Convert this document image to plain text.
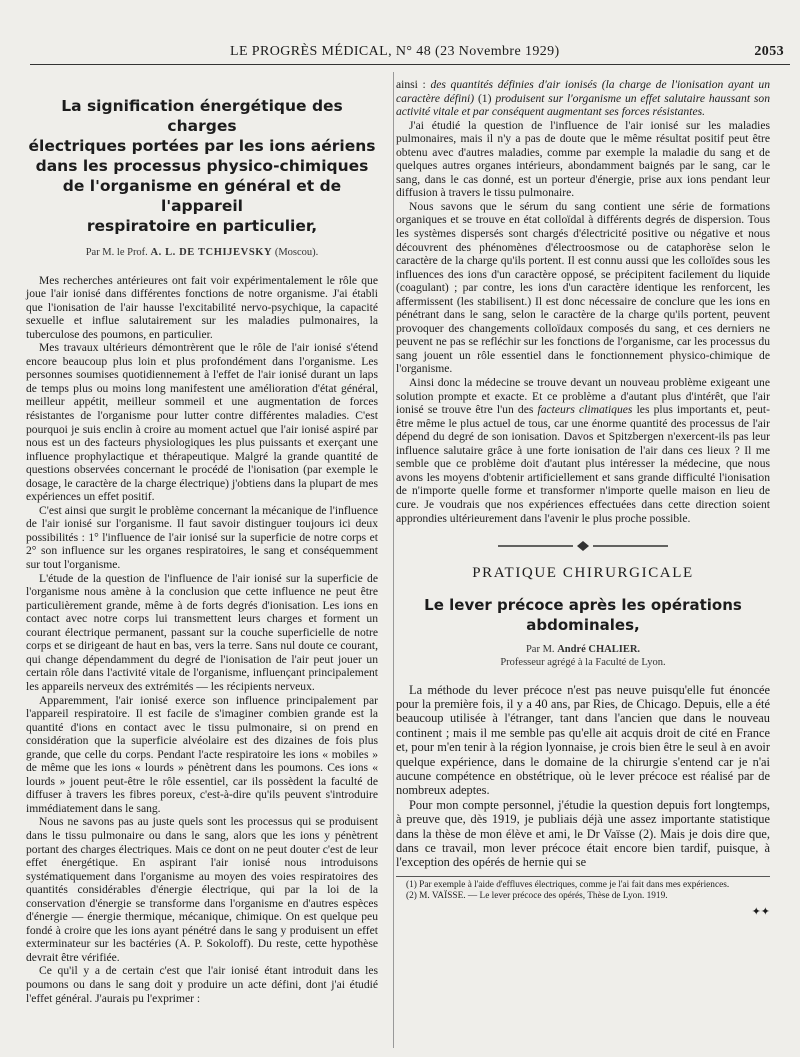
LE PROGRÈS MÉDICAL, N° 48 (23 Novembre 1929)	2053
La signification énergétique des charges
électriques portées par les ions aériens
dans les processus physico-chimiques
de l'organisme en général et de l'appareil
respiratoire en particulier,
Par M. le Prof. A. L. DE TCHIJEVSKY (Moscou).

Mes recherches antérieures ont fait voir expérimentalement le rôle que joue l'air ionisé dans différentes fonctions de notre organisme. J'ai établi que l'ionisation de l'air hausse l'excitabilité nervo-psychique, la capacité sexuelle et influe salutairement sur les maladies pulmonaires, la tuberculose des poumons, en particulier.

Mes travaux ultérieurs démontrèrent que le rôle de l'air ionisé s'étend encore beaucoup plus loin et plus profondément dans l'organisme. Les personnes soumises quotidiennement à l'effet de l'air ionisé durant un laps de temps plus ou moins long manifestent une amélioration d'état général, meilleur appétit, meilleur sommeil et une augmentation de forces résistantes de l'organisme pour lutter contre différentes maladies. C'est pourquoi je suis enclin à croire au moment actuel que l'air ionisé aspiré par nous est un des facteurs physiologiques les plus puissants et exerçant une influence prophylactique et thérapeutique. Malgré la grande quantité de questions observées concernant le procédé de l'ionisation (par exemple le dosage, le caractère de la charge électrique) j'obtiens dans la plupart de mes expériences un effet positif.

C'est ainsi que surgit le problème concernant la mécanique de l'influence de l'air ionisé sur l'organisme. Il faut savoir distinguer toujours ici deux possibilités : 1° l'influence de l'air ionisé sur la superficie de notre corps et 2° son influence sur les organes respiratoires, le sang et conséquemment sur tout l'organisme.

L'étude de la question de l'influence de l'air ionisé sur la superficie de l'organisme nous amène à la conclusion que cette influence ne peut être particulièrement grande, même à de forts degrés d'ionisation. Les ions en contact avec notre corps lui transmettent leurs charges et forment un courant électrique permanent, passant sur la couche superficielle de notre corps et se dirigeant de haut en bas, vers la terre. Sans nul doute ce courant, qui change dépendamment du degré de l'ionisation de l'air peut jouer un certain rôle dans l'activité vitale de l'organisme, influençant principalement les appareils nerveux des extrémités — les récipients nerveux.

Apparemment, l'air ionisé exerce son influence principalement par l'appareil respiratoire. Il est facile de s'imaginer combien grande est la quantité d'ions en contact avec le tissu pulmonaire, si on prend en considération que la superficie alvéolaire est des dizaines de fois plus grande, que celle du corps. Pendant l'acte respiratoire les ions « mobiles » de même que les ions « lourds » pénètrent dans les poumons. Ces ions « lourds » jouent peut-être le rôle essentiel, car ils possèdent la faculté de diffuser à travers les fibres poreux, c'est-à-dire qu'ils peuvent s'introduire immédiatement dans le sang.

Nous ne savons pas au juste quels sont les processus qui se produisent dans le tissu pulmonaire ou dans le sang, alors que les ions y pénètrent portant des charges électriques. Mais ce dont on ne peut douter c'est de leur effet énergétique. En aspirant l'air ionisé nous introduisons systématiquement dans l'organisme au moyen des voies respiratoires des quantités considérables d'énergie électrique, qui par la loi de la conservation d'énergie se transforme dans l'organisme en d'autres espèces d'énergie — énergie thermique, mécanique, chimique. On est quelque peu fondé à croire que les ions ayant pénétré dans le sang y produisent un effet exterminateur sur les bactéries (A. P. Sokoloff). Du reste, cette hypothèse devrait être vérifiée.

Ce qu'il y a de certain c'est que l'air ionisé étant introduit dans les poumons ou dans le sang doit y produire un acte défini, dont j'ai étudié l'effet général. J'aurais pu l'exprimer :

ainsi : des quantités définies d'air ionisés (la charge de l'ionisation ayant un caractère défini) (1) produisent sur l'organisme un effet salutaire haussant son activité vitale et par conséquent augmentant ses forces résistantes.

J'ai étudié la question de l'influence de l'air ionisé sur les maladies pulmonaires, mais il n'y a pas de doute que le même résultat positif peut être obtenu avec d'autres maladies, comme par exemple la maladie du sang et de quelques autres organes intérieurs, abondamment baignés par le sang, car le sang, dans le cas donné, est un porteur d'énergie, prise aux ions pendant leur diffusion à travers le tissu pulmonaire.

Nous savons que le sérum du sang contient une série de formations organiques et se trouve en état colloïdal à différents degrés de dispersion. Tous les systèmes dispersés sont chargés d'électricité positive ou négative et nous découvrent des phénomènes d'électroosmose ou de cataphorèse selon le caractère de la charge qu'ils portent. Il est connu aussi que les colloïdes sous les influences des ions d'un caractère opposé, se précipitent facilement du liquide (coagulant) ; par contre, les ions d'un caractère identique les renforcent, les affermissent (les stabilisent.) Il est donc nécessaire de conclure que les ions en pénétrant dans le sang, selon le caractère de la charge qu'ils portent, peuvent provoquer des changements colloïdaux composés du sang, et ces derniers ne peuvent ne pas se refléchir sur les fonctions de l'organisme, car les processus du sang jouent un rôle essentiel dans le fonctionnement physico-chimique de l'organisme.

Ainsi donc la médecine se trouve devant un nouveau problème exigeant une solution prompte et exacte. Et ce problème a d'autant plus d'intérêt, que l'air ionisé se trouve être l'un des facteurs climatiques les plus importants et, peut-être même le plus actuel de tous, car une énorme quantité des processus de l'air dépend du degré de son ionisation. Davos et Spitzbergen n'exercent-ils pas leur influence salutaire grâce à une forte ionisation de l'air dans ces lieux ? Il me semble que ce problème doit d'autant plus intéresser la médecine, que nous avons les moyens d'obtenir artificiellement et sans grande difficulté l'ionisation de n'importe quelle forme et transformer n'importe quelle maison en lieu de cure. Je voudrais que nos expériences effectuées dans cette direction soient approndies ultérieurement dans l'avenir le plus proche possible.

PRATIQUE CHIRURGICALE
Le lever précoce après les opérations
abdominales,
Par M. André CHALIER.
Professeur agrégé à la Faculté de Lyon.

La méthode du lever précoce n'est pas neuve puisqu'elle fut énoncée pour la première fois, il y a 40 ans, par Ries, de Chicago. Depuis, elle a été beaucoup utilisée à l'étranger, tant dans l'ancien que dans le nouveau continent ; mais il me semble pas qu'elle ait acquis droit de cité en France et, pour m'en tenir à la région lyonnaise, je crois bien être le seul à en avoir quelque expérience, dans le domaine de la chirurgie s'entend car je n'ai aucune compétence en obstétrique, où le lever précoce est réalisé par de nombreux adeptes.

Pour mon compte personnel, j'étudie la question depuis fort longtemps, à preuve que, dès 1919, je publiais déjà une assez importante statistique dans la thèse de mon élève et ami, le Dr Vaïsse (2). Mais je dois dire que, dans ce travail, mon lever précoce était encore bien tardif, puisque, à l'exception des opérés de hernie qui se

(1) Par exemple à l'aide d'effluves électriques, comme je l'ai fait dans mes expériences.

(2) M. VAÏSSE. — Le lever précoce des opérés, Thèse de Lyon. 1919.

✦✦
